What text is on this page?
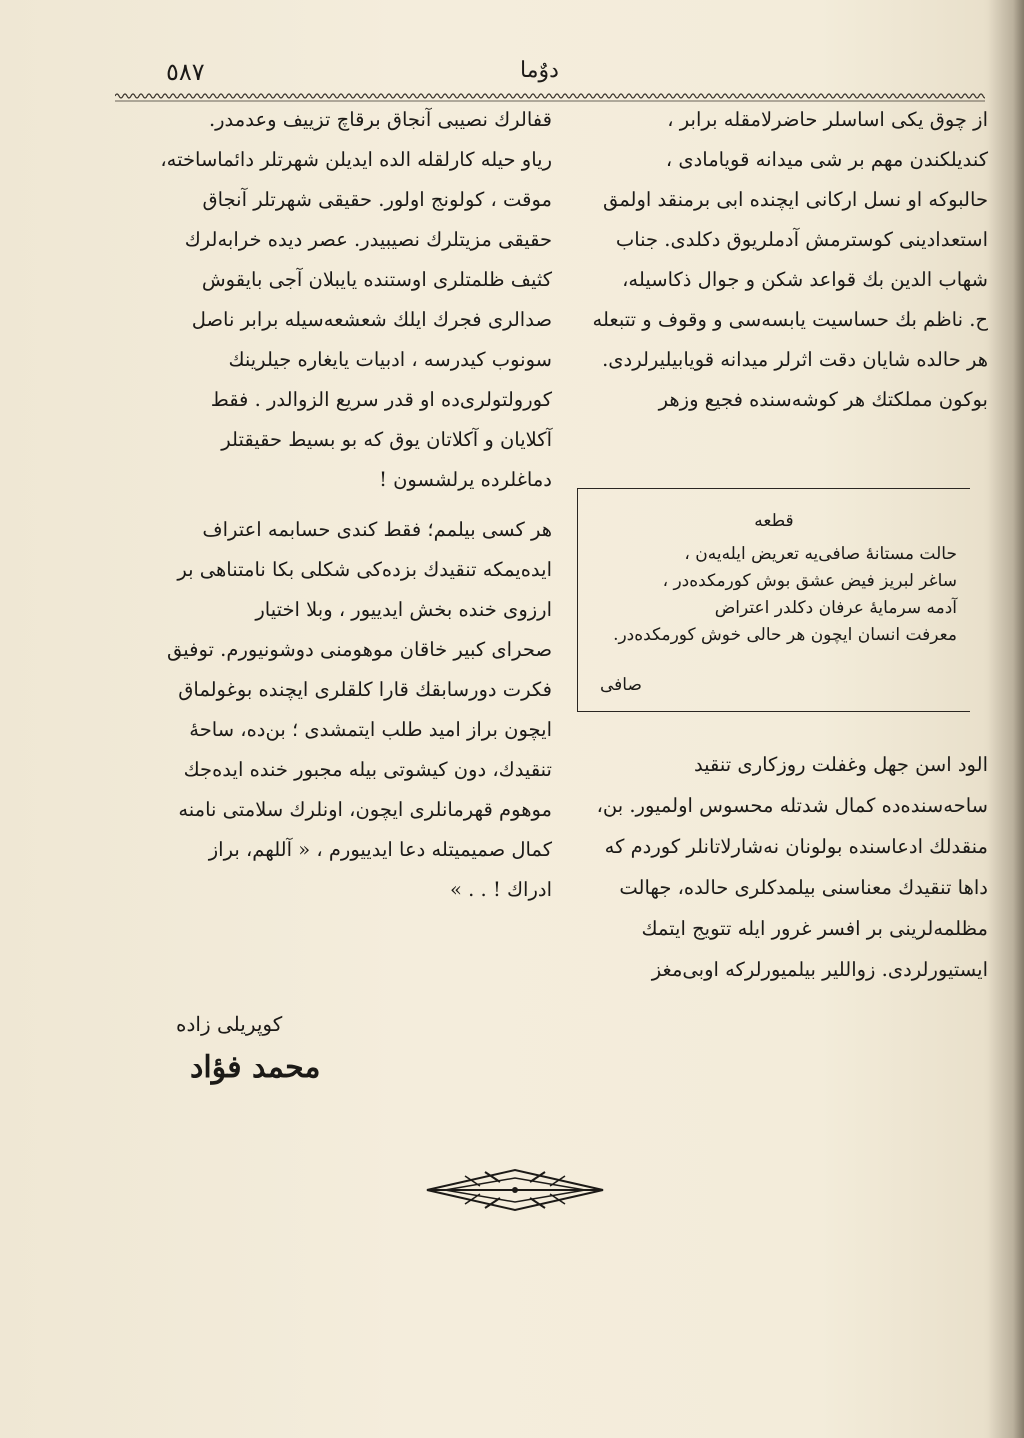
٥٨٧	دوٌما
از چوق يكى اساسلر حاضرلامقله برابر ،
كنديلكندن مهم بر شى ميدانه قويامادى ،
حالبوكه او نسل اركانى ايچنده ابى برمنقد اولمق
استعدادينى كوسترمش آدملريوق دكلدى. جناب
شهاب الدين بك قواعد شكن و جوال ذكاسيله،
ح. ناظم بك حساسيت يابسه‌سى و وقوف و تتبعله
هر حالده شايان دقت اثرلر ميدانه قويابيليرلردى.
بوكون مملكتك هر كوشه‌سنده فجيع وزهر
قطعه
حالت مستانهٔ صافى‌يه تعريض ايله‌يه‌ن ،
ساغر لبريز فيض عشق بوش كورمكده‌در ،
آدمه سرمايهٔ عرفان دكلدر اعتراض
معرفت انسان ايچون هر حالى خوش كورمكده‌در.
صافى
الود اسن جهل وغفلت روزكارى تنقيد
ساحه‌سنده‌ده كمال شدتله محسوس اولميور. بن،
منقدلك ادعاسنده بولونان نه‌شارلاتانلر كوردم كه
داها تنقيدك معناسنى بيلمدكلرى حالده، جهالت
مظلمه‌لرينى بر افسر غرور ايله تتويج ايتمك
ايستيورلردى. زواللير بيلميورلركه اوبى‌مغز
قفالرك نصيبى آنجاق برقاچ تزييف وعدمدر.
رياو حيله كارلقله الده ايديلن شهرتلر دائماساخته،
موقت ، كولونج اولور. حقيقى شهرتلر آنجاق
حقيقى مزيتلرك نصيبيدر. عصر ديده خرابه‌لرك
كثيف ظلمتلرى اوستنده يايبلان آجى بايقوش
صدالرى فجرك ايلك شعشعه‌سيله برابر ناصل
سونوب كيدرسه ، ادبيات يايغاره جيلرينك
كورولتولرى‌ده او قدر سريع الزوالدر . فقط
آكلايان و آكلاتان يوق كه بو بسيط حقيقتلر
دماغلرده يرلشسون !
هر كسى بيلمم؛ فقط كندى حسابمه اعتراف
ايده‌يمكه تنقيدك بزده‌كى شكلى بكا نامتناهى بر
ارزوى خنده بخش ايدييور ، وبلا اختيار
صحراى كبير خاقان موهومنى دوشونيورم. توفيق
فكرت دورسابقك قارا كلقلرى ايچنده بوغولماق
ايچون براز اميد طلب ايتمشدى ؛ بن‌ده، ساحهٔ
تنقيدك، دون كيشوتى بيله مجبور خنده ايده‌جك
موهوم قهرمانلرى ايچون، اونلرك سلامتى نامنه
كمال صميميتله دعا ايدييورم ، « آللهم، براز
ادراك ! . . »
كوپريلى زاده
محمد فؤاد
